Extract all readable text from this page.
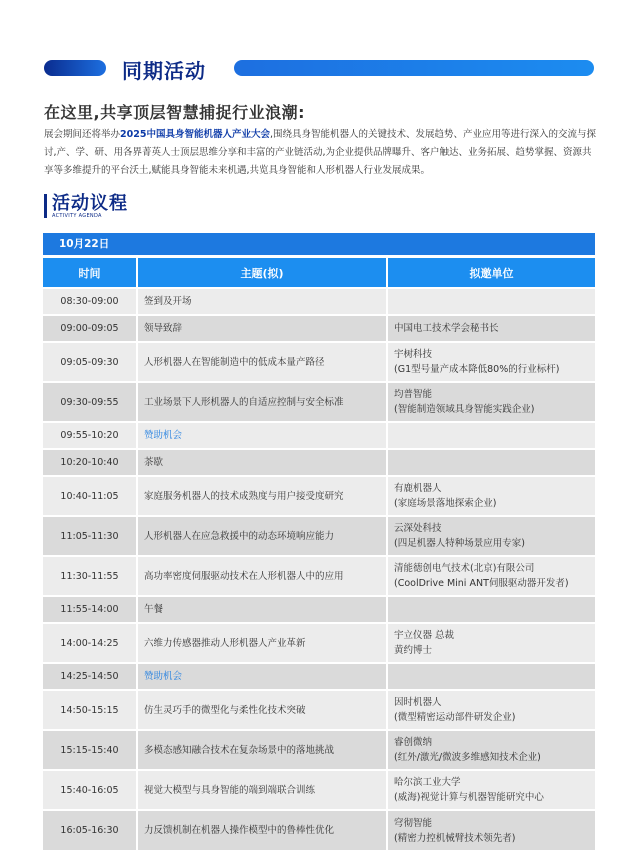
同期活动
在这里,共享顶层智慧捕捉行业浪潮:

展会期间还将举办2025中国具身智能机器人产业大会,围绕具身智能机器人的关键技术、发展趋势、产业应用等进行深入的交流与探讨,产、学、研、用各界菁英人士顶层思维分享和丰富的产业链活动,为企业提供品牌曝升、客户触达、业务拓展、趋势掌握、资源共享等多维提升的平台沃土,赋能具身智能未来机遇,共览具身智能和人形机器人行业发展成果。

活动议程
ACTIVITY AGENDA
10月22日
时间	主题(拟)	拟邀单位
08:30-09:00	签到及开场	
09:00-09:05	领导致辞	中国电工技术学会秘书长

09:05-09:30	人形机器人在智能制造中的低成本量产路径	宇树科技
(G1型号量产成本降低80%的行业标杆)

09:30-09:55	工业场景下人形机器人的自适应控制与安全标准	均普智能
(智能制造领域具身智能实践企业)

09:55-10:20	赞助机会	
10:20-10:40	茶歇	
10:40-11:05	家庭服务机器人的技术成熟度与用户接受度研究	有鹿机器人
(家庭场景落地探索企业)

11:05-11:30	人形机器人在应急救援中的动态环境响应能力	云深处科技
(四足机器人特种场景应用专家)

11:30-11:55	高功率密度伺服驱动技术在人形机器人中的应用	清能德创电气技术(北京)有限公司
(CoolDrive Mini ANT伺服驱动器开发者)

11:55-14:00	午餐	
14:00-14:25	六维力传感器推动人形机器人产业革新	宇立仪器 总裁
黄约博士

14:25-14:50	赞助机会	
14:50-15:15	仿生灵巧手的微型化与柔性化技术突破	因时机器人
(微型精密运动部件研发企业)

15:15-15:40	多模态感知融合技术在复杂场景中的落地挑战	睿创微纳
(红外/激光/微波多维感知技术企业)

15:40-16:05	视觉大模型与具身智能的端到端联合训练	哈尔滨工业大学
(威海)视觉计算与机器智能研究中心

16:05-16:30	力反馈机制在机器人操作模型中的鲁棒性优化	穹彻智能
(精密力控机械臂技术领先者)
